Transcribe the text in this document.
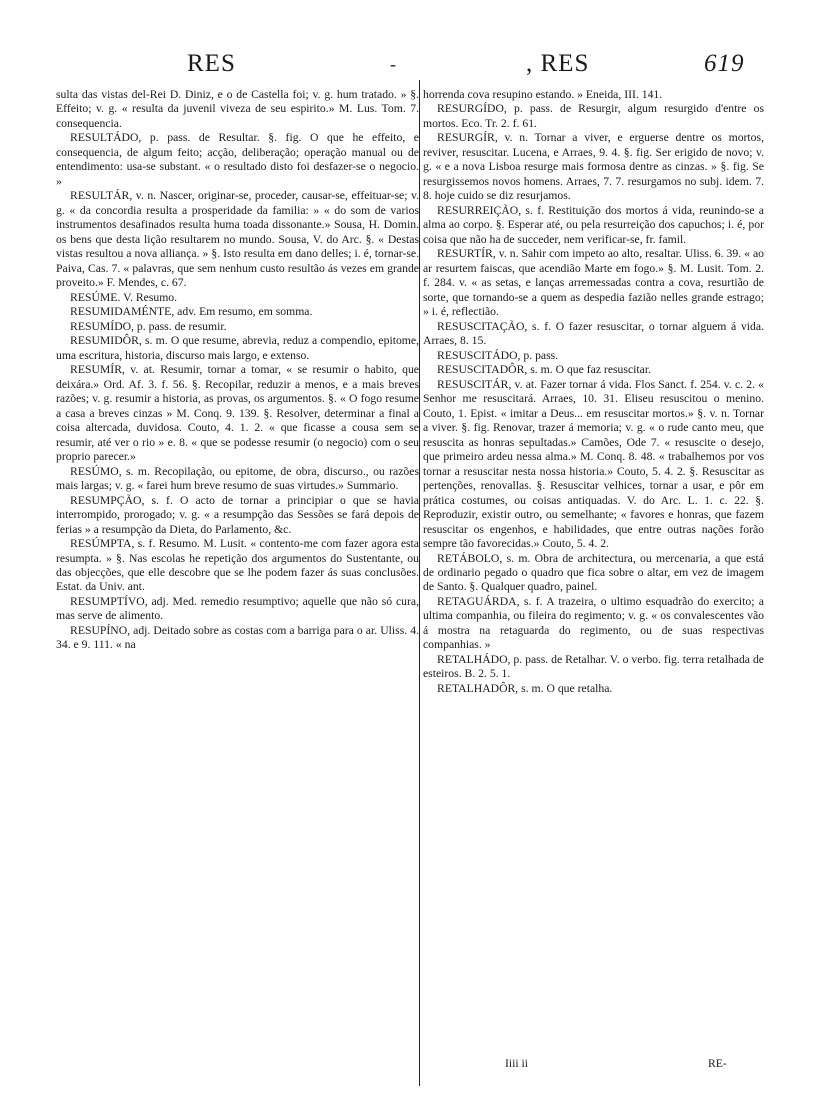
RES	-	, RES	619

sulta das vistas del-Rei D. Diniz, e o de Castella foi; v. g. hum tratado. » §. Effeito; v. g. « resulta da juvenil viveza de seu espirito.» M. Lus. Tom. 7. consequencia.

RESULTÁDO, p. pass. de Resultar. §. fig. O que he effeito, e consequencia, de algum feito; acção, deliberação; operação manual ou de entendimento: usa-se substant. « o resultado disto foi desfazer-se o negocio. »

RESULTÁR, v. n. Nascer, originar-se, proceder, causar-se, effeituar-se; v. g. « da concordia resulta a prosperidade da familia: » « do som de varios instrumentos desafinados resulta huma toada dissonante.» Sousa, H. Domin. os bens que desta lição resultarem no mundo. Sousa, V. do Arc. §. « Destas vistas resultou a nova alliança. » §. Isto resulta em dano delles; i. é, tornar-se. Paiva, Cas. 7. « palavras, que sem nenhum custo resultão ás vezes em grande proveito.» F. Mendes, c. 67.

RESÚME. V. Resumo.

RESUMIDAMÉNTE, adv. Em resumo, em somma.

RESUMÍDO, p. pass. de resumir.

RESUMIDÔR, s. m. O que resume, abrevia, reduz a compendio, epitome, uma escritura, historia, discurso mais largo, e extenso.

RESUMÍR, v. at. Resumir, tornar a tomar, « se resumir o habito, que deixára.» Ord. Af. 3. f. 56. §. Recopilar, reduzir a menos, e a mais breves razões; v. g. resumir a historia, as provas, os argumentos. §. « O fogo resume a casa a breves cinzas » M. Conq. 9. 139. §. Resolver, determinar a final a coisa altercada, duvidosa. Couto, 4. 1. 2. « que ficasse a cousa sem se resumir, até ver o rio » e. 8. « que se podesse resumir (o negocio) com o seu proprio parecer.»

RESÚMO, s. m. Recopilação, ou epitome, de obra, discurso., ou razões mais largas; v. g. « farei hum breve resumo de suas virtudes.» Summario.

RESUMPÇÃO, s. f. O acto de tornar a principiar o que se havia interrompido, prorogado; v. g. « a resumpção das Sessões se fará depois de ferias » a resumpção da Dieta, do Parlamento, &c.

RESÚMPTA, s. f. Resumo. M. Lusit. « contento-me com fazer agora esta resumpta. » §. Nas escolas he repetição dos argumentos do Sustentante, ou das objecções, que elle descobre que se lhe podem fazer ás suas conclusões. Estat. da Univ. ant.

RESUMPTÍVO, adj. Med. remedio resumptivo; aquelle que não só cura, mas serve de alimento.

RESUPÍNO, adj. Deitado sobre as costas com a barriga para o ar. Uliss. 4. 34. e 9. 111. « na

horrenda cova resupino estando. » Eneida, III. 141.

RESURGÍDO, p. pass. de Resurgir, algum resurgido d'entre os mortos. Eco. Tr. 2. f. 61.

RESURGÍR, v. n. Tornar a viver, e erguerse dentre os mortos, reviver, resuscitar. Lucena, e Arraes, 9. 4. §. fig. Ser erigido de novo; v. g. « e a nova Lisboa resurge mais formosa dentre as cinzas. » §. fig. Se resurgissemos novos homens. Arraes, 7. 7. resurgamos no subj. idem. 7. 8. hoje cuido se diz resurjamos.

RESURREIÇÃO, s. f. Restituição dos mortos á vida, reunindo-se a alma ao corpo. §. Esperar até, ou pela resurreição dos capuchos; i. é, por coisa que não ha de succeder, nem verificar-se, fr. famil.

RESURTÍR, v. n. Sahir com impeto ao alto, resaltar. Uliss. 6. 39. « ao ar resurtem faiscas, que acendião Marte em fogo.» §. M. Lusit. Tom. 2. f. 284. v. « as setas, e lanças arremessadas contra a cova, resurtião de sorte, que tornando-se a quem as despedia fazião nelles grande estrago; » i. é, reflectião.

RESUSCITAÇÃO, s. f. O fazer resuscitar, o tornar alguem á vida. Arraes, 8. 15.

RESUSCITÁDO, p. pass.

RESUSCITADÔR, s. m. O que faz resuscitar.

RESUSCITÁR, v. at. Fazer tornar á vida. Flos Sanct. f. 254. v. c. 2. « Senhor me resuscitará. Arraes, 10. 31. Eliseu resuscitou o menino. Couto, 1. Epist. « imitar a Deus... em resuscitar mortos.» §. v. n. Tornar a viver. §. fig. Renovar, trazer á memoria; v. g. « o rude canto meu, que resuscita as honras sepultadas.» Camões, Ode 7. « resuscite o desejo, que primeiro ardeu nessa alma.» M. Conq. 8. 48. « trabalhemos por vos tornar a resuscitar nesta nossa historia.» Couto, 5. 4. 2. §. Resuscitar as pertenções, renovallas. §. Resuscitar velhices, tornar a usar, e pôr em prática costumes, ou coisas antiquadas. V. do Arc. L. 1. c. 22. §. Reproduzir, existir outro, ou semelhante; « favores e honras, que fazem resuscitar os engenhos, e habilidades, que entre outras nações forão sempre tão favorecidas.» Couto, 5. 4. 2.

RETÁBOLO, s. m. Obra de architectura, ou mercenaria, a que está de ordinario pegado o quadro que fica sobre o altar, em vez de imagem de Santo. §. Qualquer quadro, painel.

RETAGUÁRDA, s. f. A trazeira, o ultimo esquadrão do exercito; a ultima companhia, ou fileira do regimento; v. g. « os convalescentes vão á mostra na retaguarda do regimento, ou de suas respectivas companhias. »

RETALHÁDO, p. pass. de Retalhar. V. o verbo. fig. terra retalhada de esteiros. B. 2. 5. 1.

RETALHADÔR, s. m. O que retalha.

Iiii ii	RE-
